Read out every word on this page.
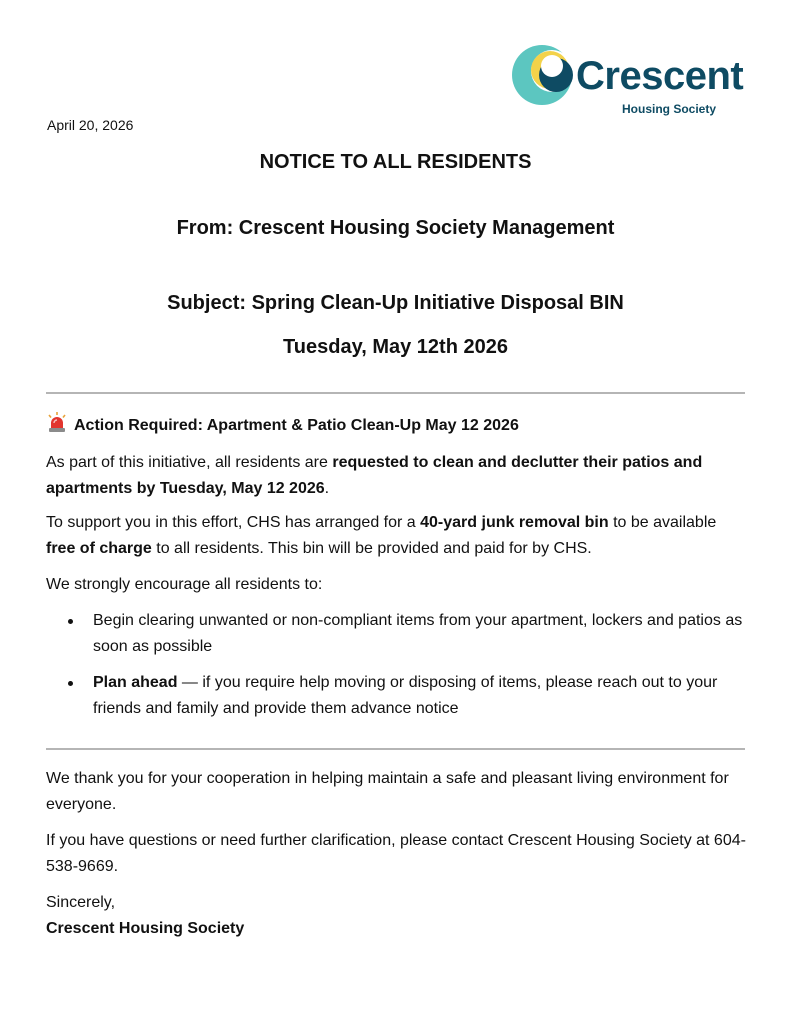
Crescent
Housing Society
April 20, 2026
NOTICE TO ALL RESIDENTS
From: Crescent Housing Society Management
Subject: Spring Clean-Up Initiative Disposal BIN
Tuesday, May 12th 2026
Action Required: Apartment & Patio Clean-Up May 12 2026

As part of this initiative, all residents are requested to clean and declutter their patios and apartments by Tuesday, May 12 2026.

To support you in this effort, CHS has arranged for a 40-yard junk removal bin to be available free of charge to all residents. This bin will be provided and paid for by CHS.

We strongly encourage all residents to:

Begin clearing unwanted or non-compliant items from your apartment, lockers and patios as soon as possible
Plan ahead — if you require help moving or disposing of items, please reach out to your friends and family and provide them advance notice

We thank you for your cooperation in helping maintain a safe and pleasant living environment for everyone.

If you have questions or need further clarification, please contact Crescent Housing Society at 604-538-9669.

Sincerely,
Crescent Housing Society
